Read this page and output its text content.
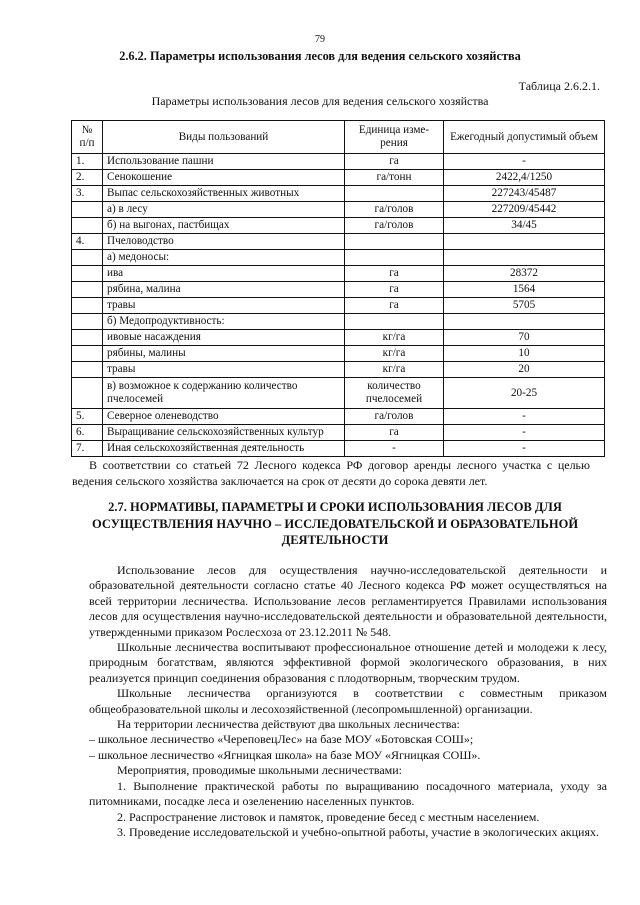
79
2.6.2. Параметры использования лесов для ведения сельского хозяйства
Таблица 2.6.2.1.
Параметры использования лесов для ведения сельского хозяйства
№ п/п	Виды пользований	Единица изме-рения	Ежегодный допустимый объем
1.	Использование пашни	га	-
2.	Сенокошение	га/тонн	2422,4/1250
3.	Выпас сельскохозяйственных животных		227243/45487
	а) в лесу	га/голов	227209/45442
	б) на выгонах, пастбищах	га/голов	34/45
4.	Пчеловодство		
	а) медоносы:		
	ива	га	28372
	рябина, малина	га	1564
	травы	га	5705
	б) Медопродуктивность:		
	ивовые насаждения	кг/га	70
	рябины, малины	кг/га	10
	травы	кг/га	20
	в) возможное к содержанию количество пчелосемей	количество пчелосемей	20-25
5.	Северное оленеводство	га/голов	-
6.	Выращивание сельскохозяйственных культур	га	-
7.	Иная сельскохозяйственная деятельность	-	-
В соответствии со статьей 72 Лесного кодекса РФ договор аренды лесного участка с целью ведения сельского хозяйства заключается на срок от десяти до сорока девяти лет.
2.7. НОРМАТИВЫ, ПАРАМЕТРЫ И СРОКИ ИСПОЛЬЗОВАНИЯ ЛЕСОВ ДЛЯ ОСУЩЕСТВЛЕНИЯ НАУЧНО – ИССЛЕДОВАТЕЛЬСКОЙ И ОБРАЗОВАТЕЛЬНОЙ ДЕЯТЕЛЬНОСТИ

Использование лесов для осуществления научно-исследовательской деятельности и образовательной деятельности согласно статье 40 Лесного кодекса РФ может осуществляться на всей территории лесничества. Использование лесов регламентируется Правилами использования лесов для осуществления научно-исследовательской деятельности и образовательной деятельности, утвержденными приказом Рослесхоза от 23.12.2011 № 548.

Школьные лесничества воспитывают профессиональное отношение детей и молодежи к лесу, природным богатствам, являются эффективной формой экологического образования, в них реализуется принцип соединения образования с плодотворным, творческим трудом.

Школьные лесничества организуются в соответствии с совместным приказом общеобразовательной школы и лесохозяйственной (лесопромышленной) организации.

На территории лесничества действуют два школьных лесничества:

– школьное лесничество «ЧереповецЛес» на базе МОУ «Ботовская СОШ»;

– школьное лесничество «Ягницкая школа» на базе МОУ «Ягницкая СОШ».

Мероприятия, проводимые школьными лесничествами:

1. Выполнение практической работы по выращиванию посадочного материала, уходу за питомниками, посадке леса и озеленению населенных пунктов.

2. Распространение листовок и памяток, проведение бесед с местным населением.

3. Проведение исследовательской и учебно-опытной работы, участие в экологических акциях.
